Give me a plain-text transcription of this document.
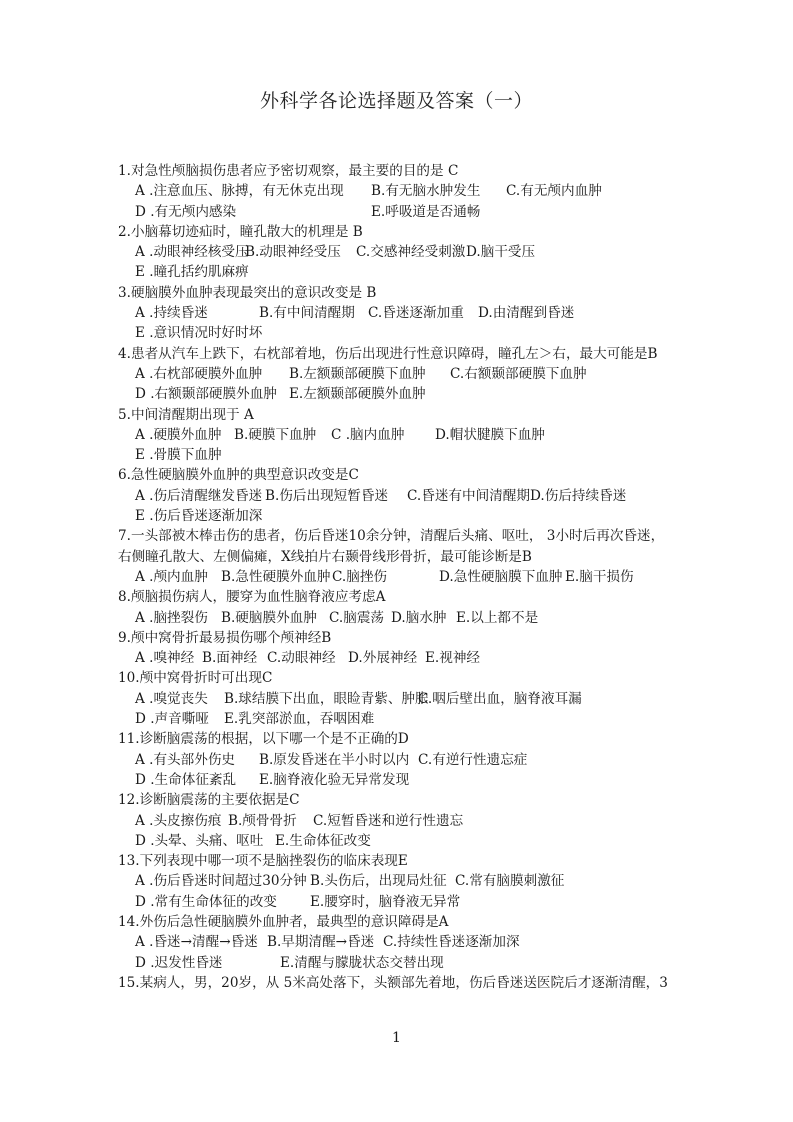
外科学各论选择题及答案（一）
1.对急性颅脑损伤患者应予密切观察，最主要的目的是 C
A .注意血压、脉搏，有无休克出现 B.有无脑水肿发生 C.有无颅内血肿
D .有无颅内感染	E.呼吸道是否通畅
2.小脑幕切迹疝时，瞳孔散大的机理是 B
A .动眼神经核受压
B.动眼神经受压 C.交感神经受刺激 D.脑干受压
E .瞳孔括约肌麻痹
3.硬脑膜外血肿表现最突出的意识改变是 B
A .持续昏迷	B.有中间清醒期 C.昏迷逐渐加重 D.由清醒到昏迷
E .意识情况时好时坏
4.患者从汽车上跌下，右枕部着地，伤后出现进行性意识障碍，瞳孔左＞右，最大可能是B
A .右枕部硬膜外血肿 B.左额颞部硬膜下血肿 C.右额颞部硬膜下血肿
D .右额颞部硬膜外血肿 E.左额颞部硬膜外血肿
5.中间清醒期出现于 A
A .硬膜外血肿 B.硬膜下血肿 C .脑内血肿 D.帽状腱膜下血肿
E .骨膜下血肿
6.急性硬脑膜外血肿的典型意识改变是C
A .伤后清醒继发昏迷 B.伤后出现短暂昏迷 C.昏迷有中间清醒期 D.伤后持续昏迷
E .伤后昏迷逐渐加深
7.一头部被木棒击伤的患者，伤后昏迷10余分钟，清醒后头痛、呕吐， 3小时后再次昏迷，
右侧瞳孔散大、左侧偏瘫，X线拍片右颞骨线形骨折，最可能诊断是B
A .颅内血肿 B.急性硬膜外血肿 C.脑挫伤	D.急性硬脑膜下血肿 E.脑干损伤
8.颅脑损伤病人，腰穿为血性脑脊液应考虑A
A .脑挫裂伤 B.硬脑膜外血肿 C.脑震荡 D.脑水肿 E.以上都不是
9.颅中窝骨折最易损伤哪个颅神经B
A .嗅神经 B.面神经 C.动眼神经 D.外展神经 E.视神经
10.颅中窝骨折时可出现C
A .嗅觉丧失 B.球结膜下出血，眼睑青紫、肿胀
C.咽后壁出血，脑脊液耳漏
D .声音嘶哑 E.乳突部淤血，吞咽困难
11.诊断脑震荡的根据，以下哪一个是不正确的D
A .有头部外伤史 B.原发昏迷在半小时以内 C.有逆行性遗忘症
D .生命体征紊乱 E.脑脊液化验无异常发现
12.诊断脑震荡的主要依据是C
A .头皮擦伤痕 B.颅骨骨折 C.短暂昏迷和逆行性遗忘
D .头晕、头痛、呕吐 E.生命体征改变
13.下列表现中哪一项不是脑挫裂伤的临床表现E
A .伤后昏迷时间超过30分钟 B.头伤后，出现局灶征 C.常有脑膜刺激征
D .常有生命体征的改变 E.腰穿时，脑脊液无异常
14.外伤后急性硬脑膜外血肿者，最典型的意识障碍是A
A .昏迷→清醒→昏迷 B.早期清醒→昏迷 C.持续性昏迷逐渐加深
D .迟发性昏迷	E.清醒与朦胧状态交替出现
15.某病人，男，20岁，从 5米高处落下，头额部先着地，伤后昏迷送医院后才逐渐清醒，3
1
